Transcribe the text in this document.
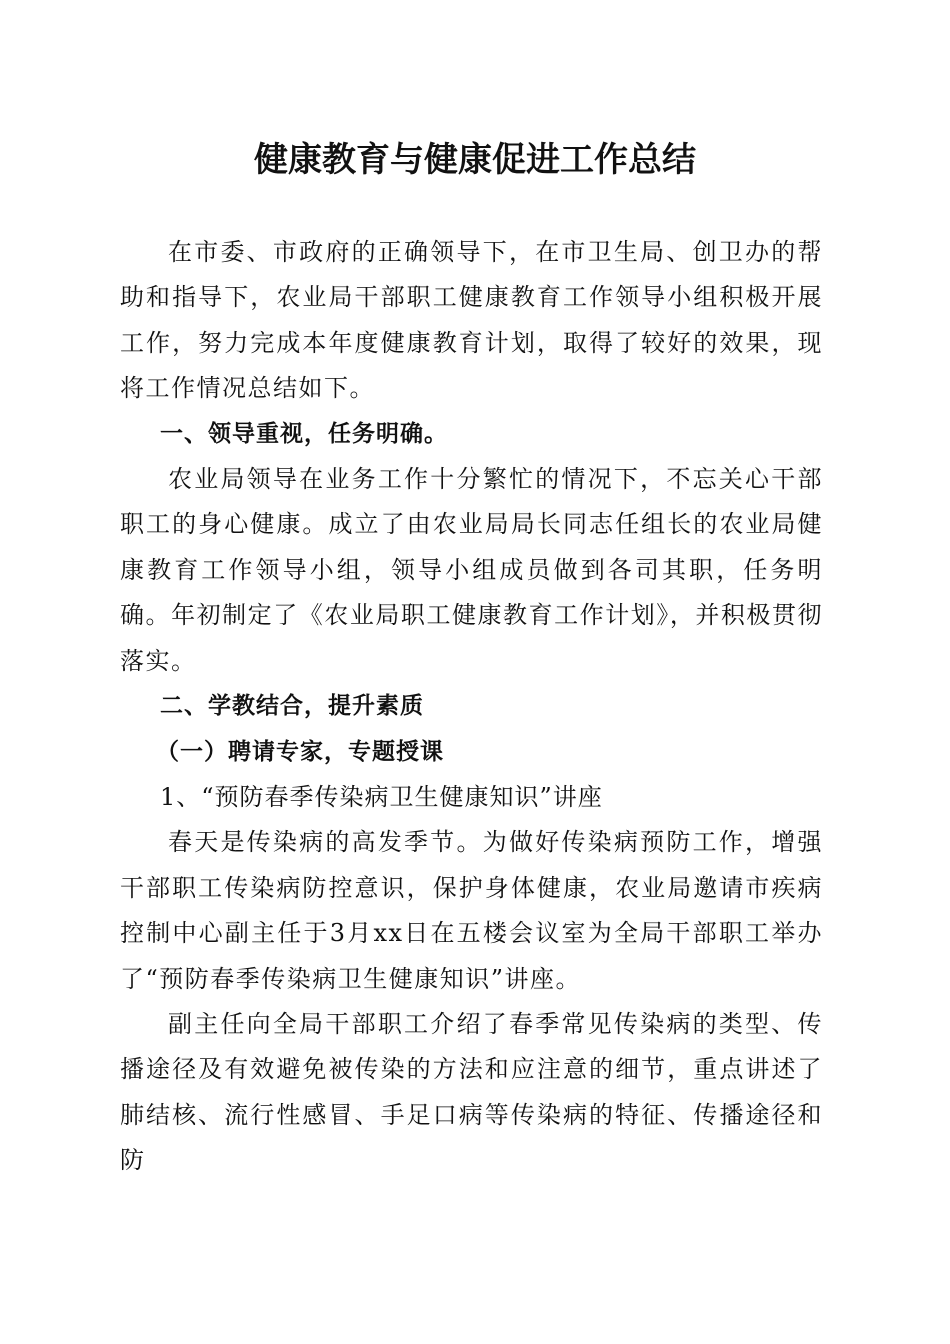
健康教育与健康促进工作总结

在市委、市政府的正确领导下，在市卫生局、创卫办的帮助和指导下，农业局干部职工健康教育工作领导小组积极开展工作，努力完成本年度健康教育计划，取得了较好的效果，现将工作情况总结如下。

一、领导重视，任务明确。

农业局领导在业务工作十分繁忙的情况下，不忘关心干部职工的身心健康。成立了由农业局局长同志任组长的农业局健康教育工作领导小组，领导小组成员做到各司其职，任务明确。年初制定了《农业局职工健康教育工作计划》，并积极贯彻落实。

二、学教结合，提升素质

（一）聘请专家，专题授课

1、“预防春季传染病卫生健康知识”讲座

春天是传染病的高发季节。为做好传染病预防工作，增强干部职工传染病防控意识，保护身体健康，农业局邀请市疾病控制中心副主任于3月xx日在五楼会议室为全局干部职工举办了“预防春季传染病卫生健康知识”讲座。

副主任向全局干部职工介绍了春季常见传染病的类型、传播途径及有效避免被传染的方法和应注意的细节，重点讲述了肺结核、流行性感冒、手足口病等传染病的特征、传播途径和防
